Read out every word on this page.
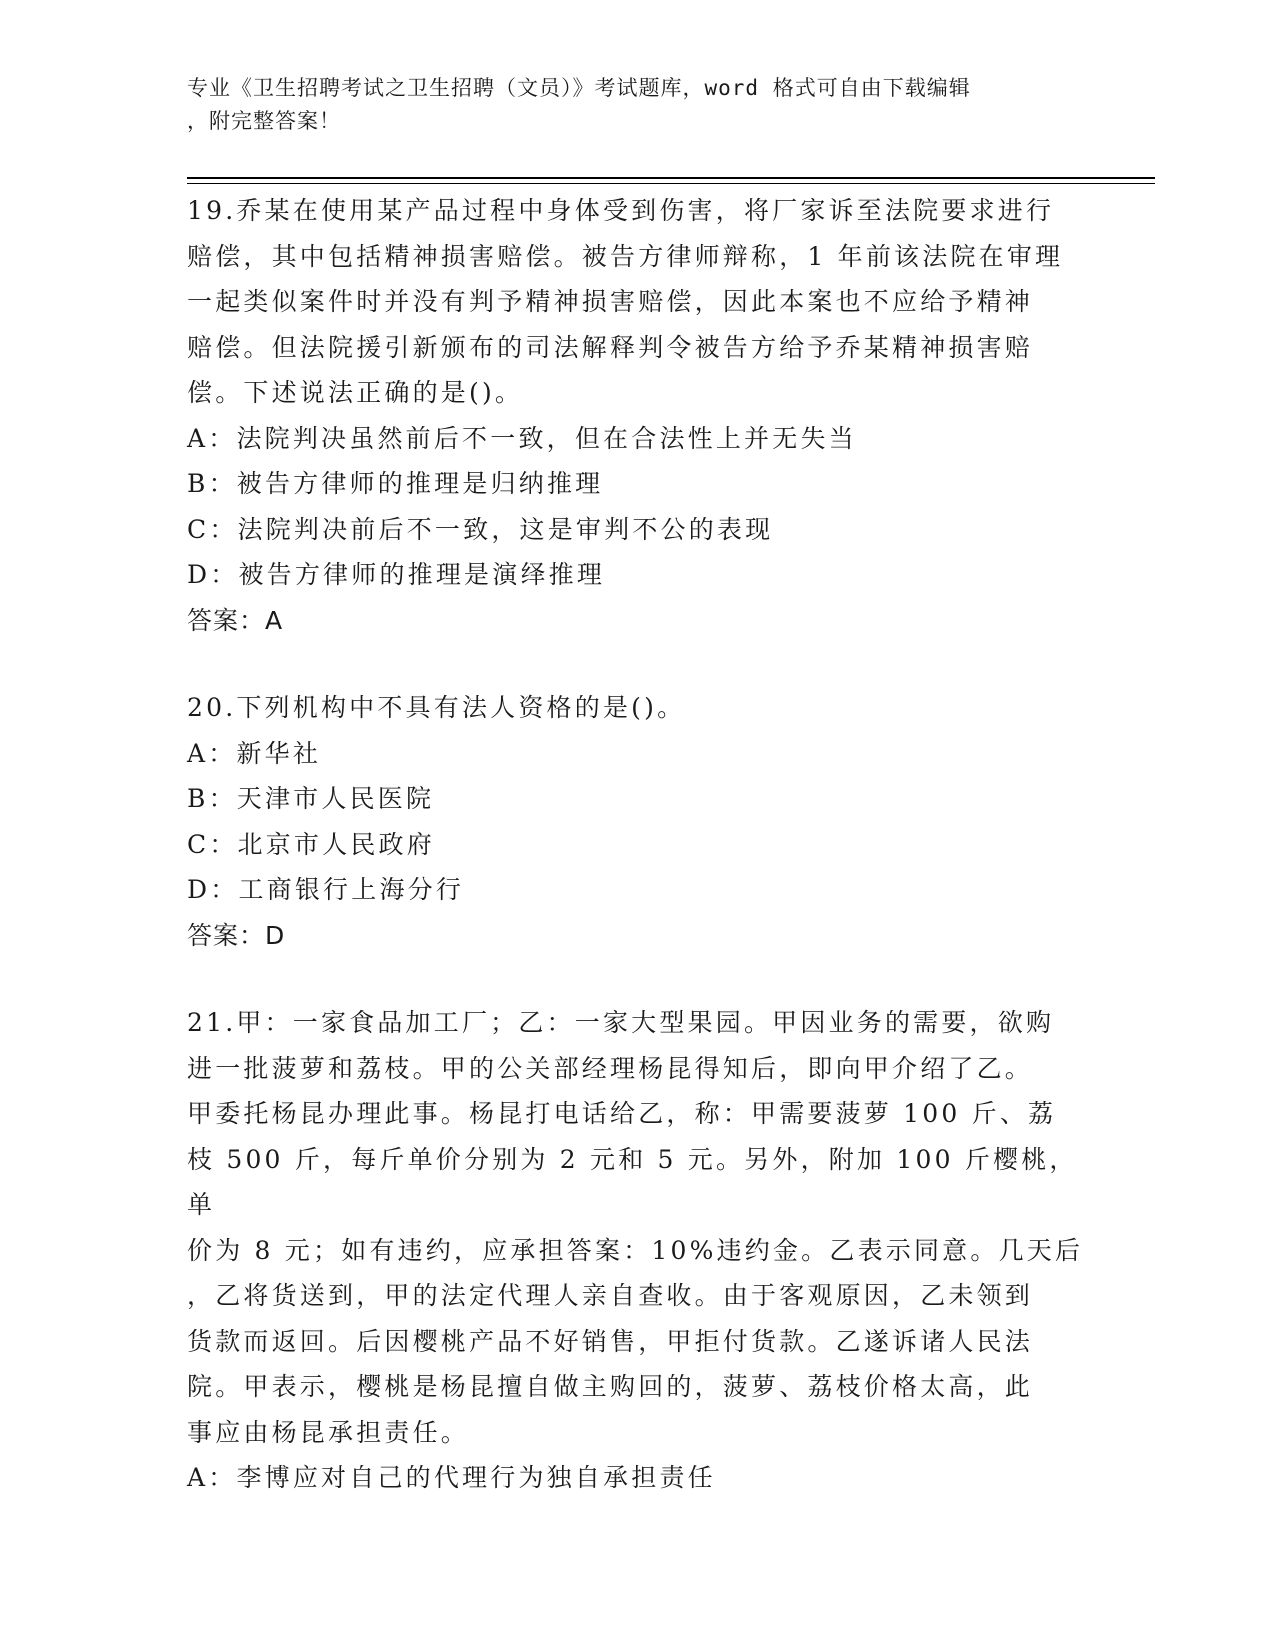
专业《卫生招聘考试之卫生招聘（文员）》考试题库，word 格式可自由下载编辑
，附完整答案！

19.乔某在使用某产品过程中身体受到伤害，将厂家诉至法院要求进行

赔偿，其中包括精神损害赔偿。被告方律师辩称，1 年前该法院在审理

一起类似案件时并没有判予精神损害赔偿，因此本案也不应给予精神

赔偿。但法院援引新颁布的司法解释判令被告方给予乔某精神损害赔

偿。下述说法正确的是()。

A：法院判决虽然前后不一致，但在合法性上并无失当

B：被告方律师的推理是归纳推理

C：法院判决前后不一致，这是审判不公的表现

D：被告方律师的推理是演绎推理

答案：A

20.下列机构中不具有法人资格的是()。

A：新华社

B：天津市人民医院

C：北京市人民政府

D：工商银行上海分行

答案：D

21.甲：一家食品加工厂；乙：一家大型果园。甲因业务的需要，欲购

进一批菠萝和荔枝。甲的公关部经理杨昆得知后，即向甲介绍了乙。

甲委托杨昆办理此事。杨昆打电话给乙，称：甲需要菠萝 100 斤、荔

枝 500 斤，每斤单价分别为 2 元和 5 元。另外，附加 100 斤樱桃，单

价为 8 元；如有违约，应承担答案：10%违约金。乙表示同意。几天后

，乙将货送到，甲的法定代理人亲自查收。由于客观原因，乙未领到

货款而返回。后因樱桃产品不好销售，甲拒付货款。乙遂诉诸人民法

院。甲表示，樱桃是杨昆擅自做主购回的，菠萝、荔枝价格太高，此

事应由杨昆承担责任。

A：李博应对自己的代理行为独自承担责任
